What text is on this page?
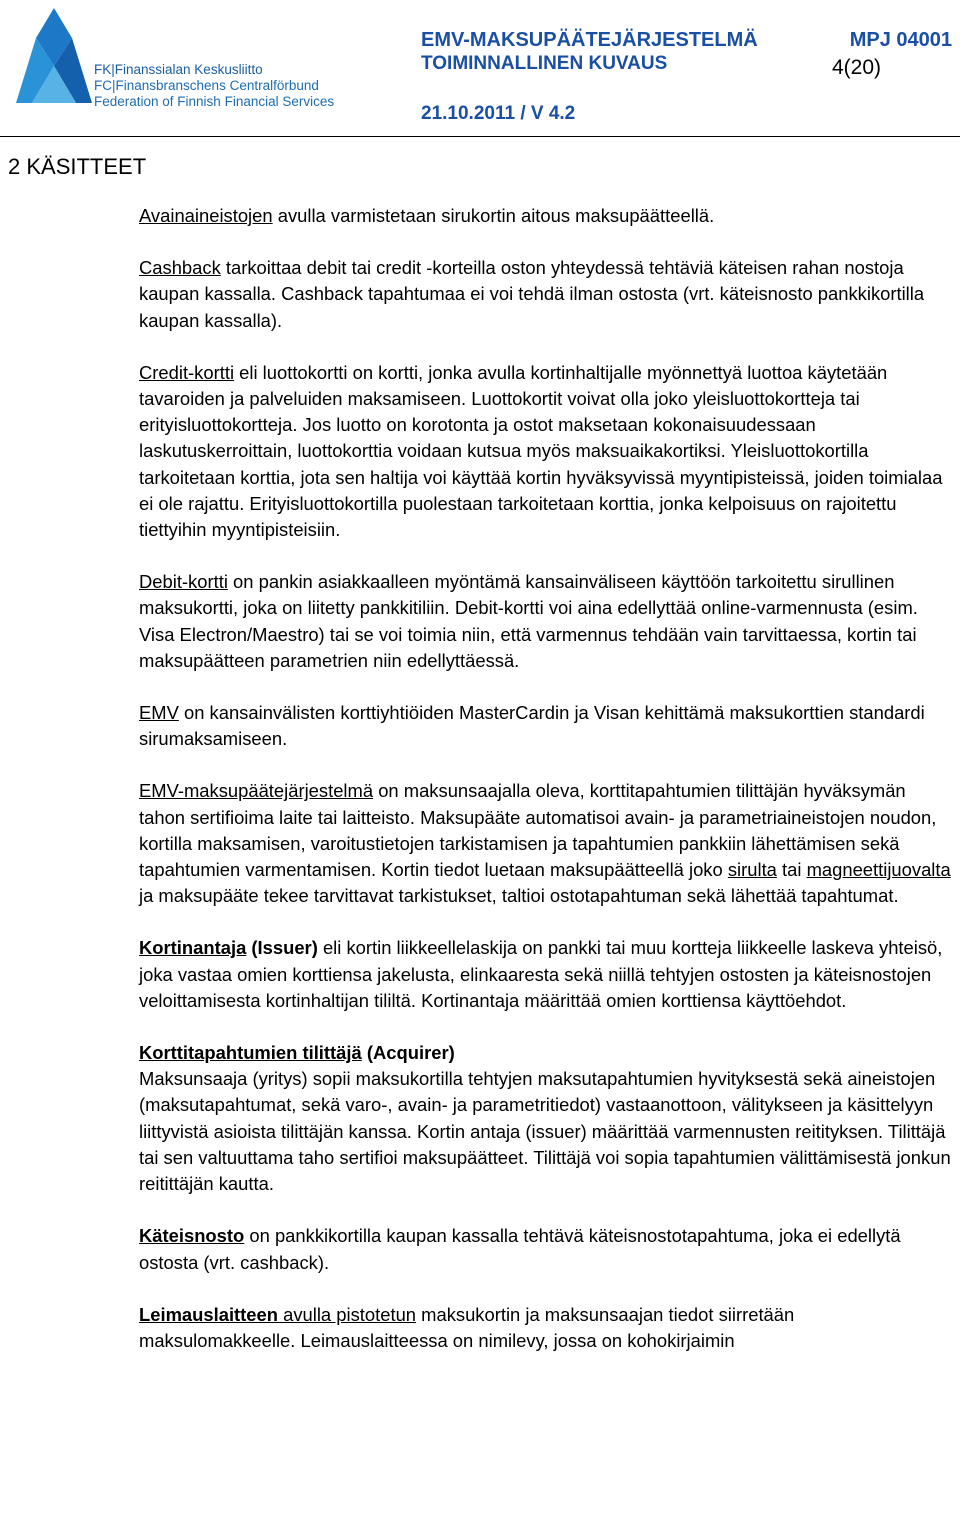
FK|Finanssialan Keskusliitto
FC|Finansbranschens Centralförbund
Federation of Finnish Financial Services
EMV-MAKSUPÄÄTEJÄRJESTELMÄ	MPJ 04001
TOIMINNALLINEN KUVAUS	4(20)
21.10.2011 / V 4.2
2 KÄSITTEET

Avainaineistojen avulla varmistetaan sirukortin aitous maksupäätteellä.

Cashback tarkoittaa debit tai credit -korteilla oston yhteydessä tehtäviä käteisen rahan nostoja kaupan kassalla. Cashback tapahtumaa ei voi tehdä ilman ostosta (vrt. käteisnosto pankkikortilla kaupan kassalla).

Credit-kortti eli luottokortti on kortti, jonka avulla kortinhaltijalle myönnettyä luottoa käytetään tavaroiden ja palveluiden maksamiseen. Luottokortit voivat olla joko yleisluottokortteja tai erityisluottokortteja. Jos luotto on korotonta ja ostot maksetaan kokonaisuudessaan laskutuskerroittain, luottokorttia voidaan kutsua myös maksuaikakortiksi. Yleisluottokortilla tarkoitetaan korttia, jota sen haltija voi käyttää kortin hyväksyvissä myyntipisteissä, joiden toimialaa ei ole rajattu. Erityisluottokortilla puolestaan tarkoitetaan korttia, jonka kelpoisuus on rajoitettu tiettyihin myyntipisteisiin.

Debit-kortti on pankin asiakkaalleen myöntämä kansainväliseen käyttöön tarkoitettu sirullinen maksukortti, joka on liitetty pankkitiliin. Debit-kortti voi aina edellyttää online-varmennusta (esim. Visa Electron/Maestro) tai se voi toimia niin, että varmennus tehdään vain tarvittaessa, kortin tai maksupäätteen parametrien niin edellyttäessä.

EMV on kansainvälisten korttiyhtiöiden MasterCardin ja Visan kehittämä maksukorttien standardi sirumaksamiseen.

EMV-maksupäätejärjestelmä on maksunsaajalla oleva, korttitapahtumien tilittäjän hyväksymän tahon sertifioima laite tai laitteisto. Maksupääte automatisoi avain- ja parametriaineistojen noudon, kortilla maksamisen, varoitustietojen tarkistamisen ja tapahtumien pankkiin lähettämisen sekä tapahtumien varmentamisen. Kortin tiedot luetaan maksupäätteellä joko sirulta tai magneettijuovalta ja maksupääte tekee tarvittavat tarkistukset, taltioi ostotapahtuman sekä lähettää tapahtumat.

Kortinantaja (Issuer) eli kortin liikkeellelaskija on pankki tai muu kortteja liikkeelle laskeva yhteisö, joka vastaa omien korttiensa jakelusta, elinkaaresta sekä niillä tehtyjen ostosten ja käteisnostojen veloittamisesta kortinhaltijan tililtä. Kortinantaja määrittää omien korttiensa käyttöehdot.

Korttitapahtumien tilittäjä (Acquirer)
Maksunsaaja (yritys) sopii maksukortilla tehtyjen maksutapahtumien hyvityksestä sekä aineistojen (maksutapahtumat, sekä varo-, avain- ja parametritiedot) vastaanottoon, välitykseen ja käsittelyyn liittyvistä asioista tilittäjän kanssa. Kortin antaja (issuer) määrittää varmennusten reitityksen. Tilittäjä tai sen valtuuttama taho sertifioi maksupäätteet. Tilittäjä voi sopia tapahtumien välittämisestä jonkun reitittäjän kautta.

Käteisnosto on pankkikortilla kaupan kassalla tehtävä käteisnostotapahtuma, joka ei edellytä ostosta (vrt. cashback).

Leimauslaitteen avulla pistotetun maksukortin ja maksunsaajan tiedot siirretään maksulomakkeelle. Leimauslaitteessa on nimilevy, jossa on kohokirjaimin
